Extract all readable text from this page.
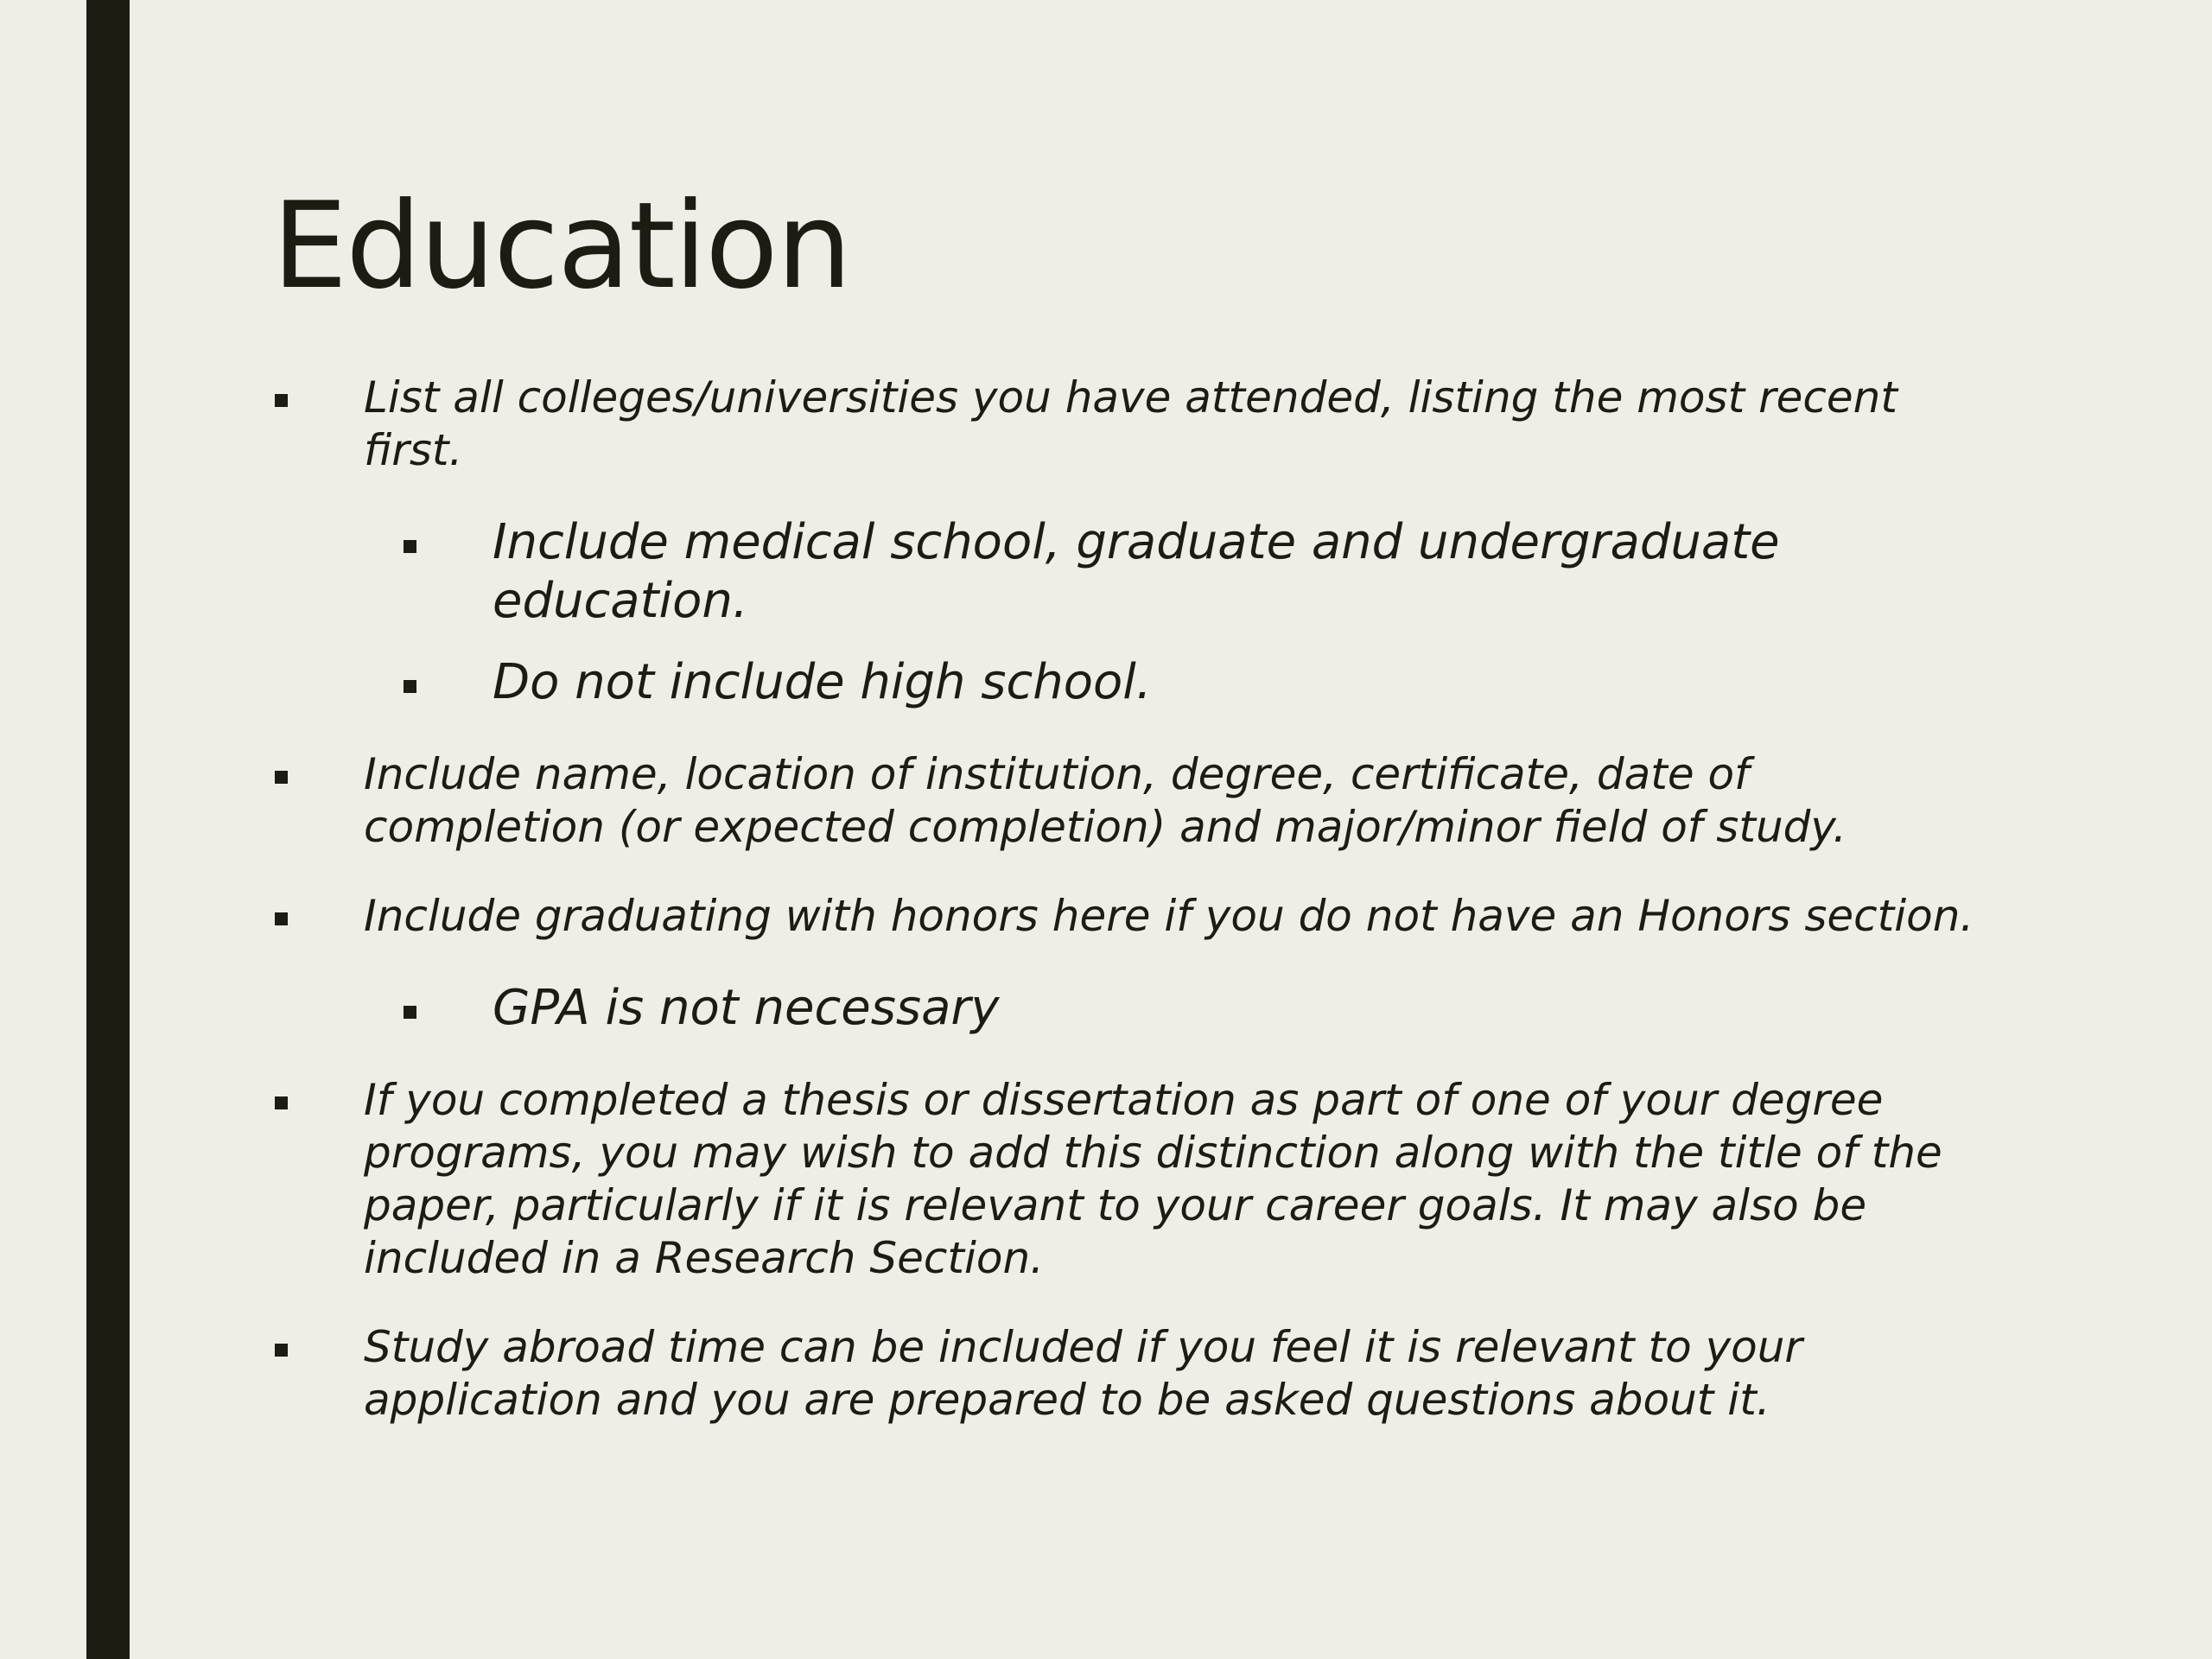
Education
List all colleges/universities you have attended, listing the most recent first.
Include medical school, graduate and undergraduate education.
Do not include high school.
Include name, location of institution, degree, certificate, date of completion (or expected completion) and major/minor field of study.
Include graduating with honors here if you do not have an Honors section.
GPA is not necessary
If you completed a thesis or dissertation as part of one of your degree programs, you may wish to add this distinction along with the title of the paper, particularly if it is relevant to your career goals. It may also be included in a Research Section.
Study abroad time can be included if you feel it is relevant to your application and you are prepared to be asked questions about it.
